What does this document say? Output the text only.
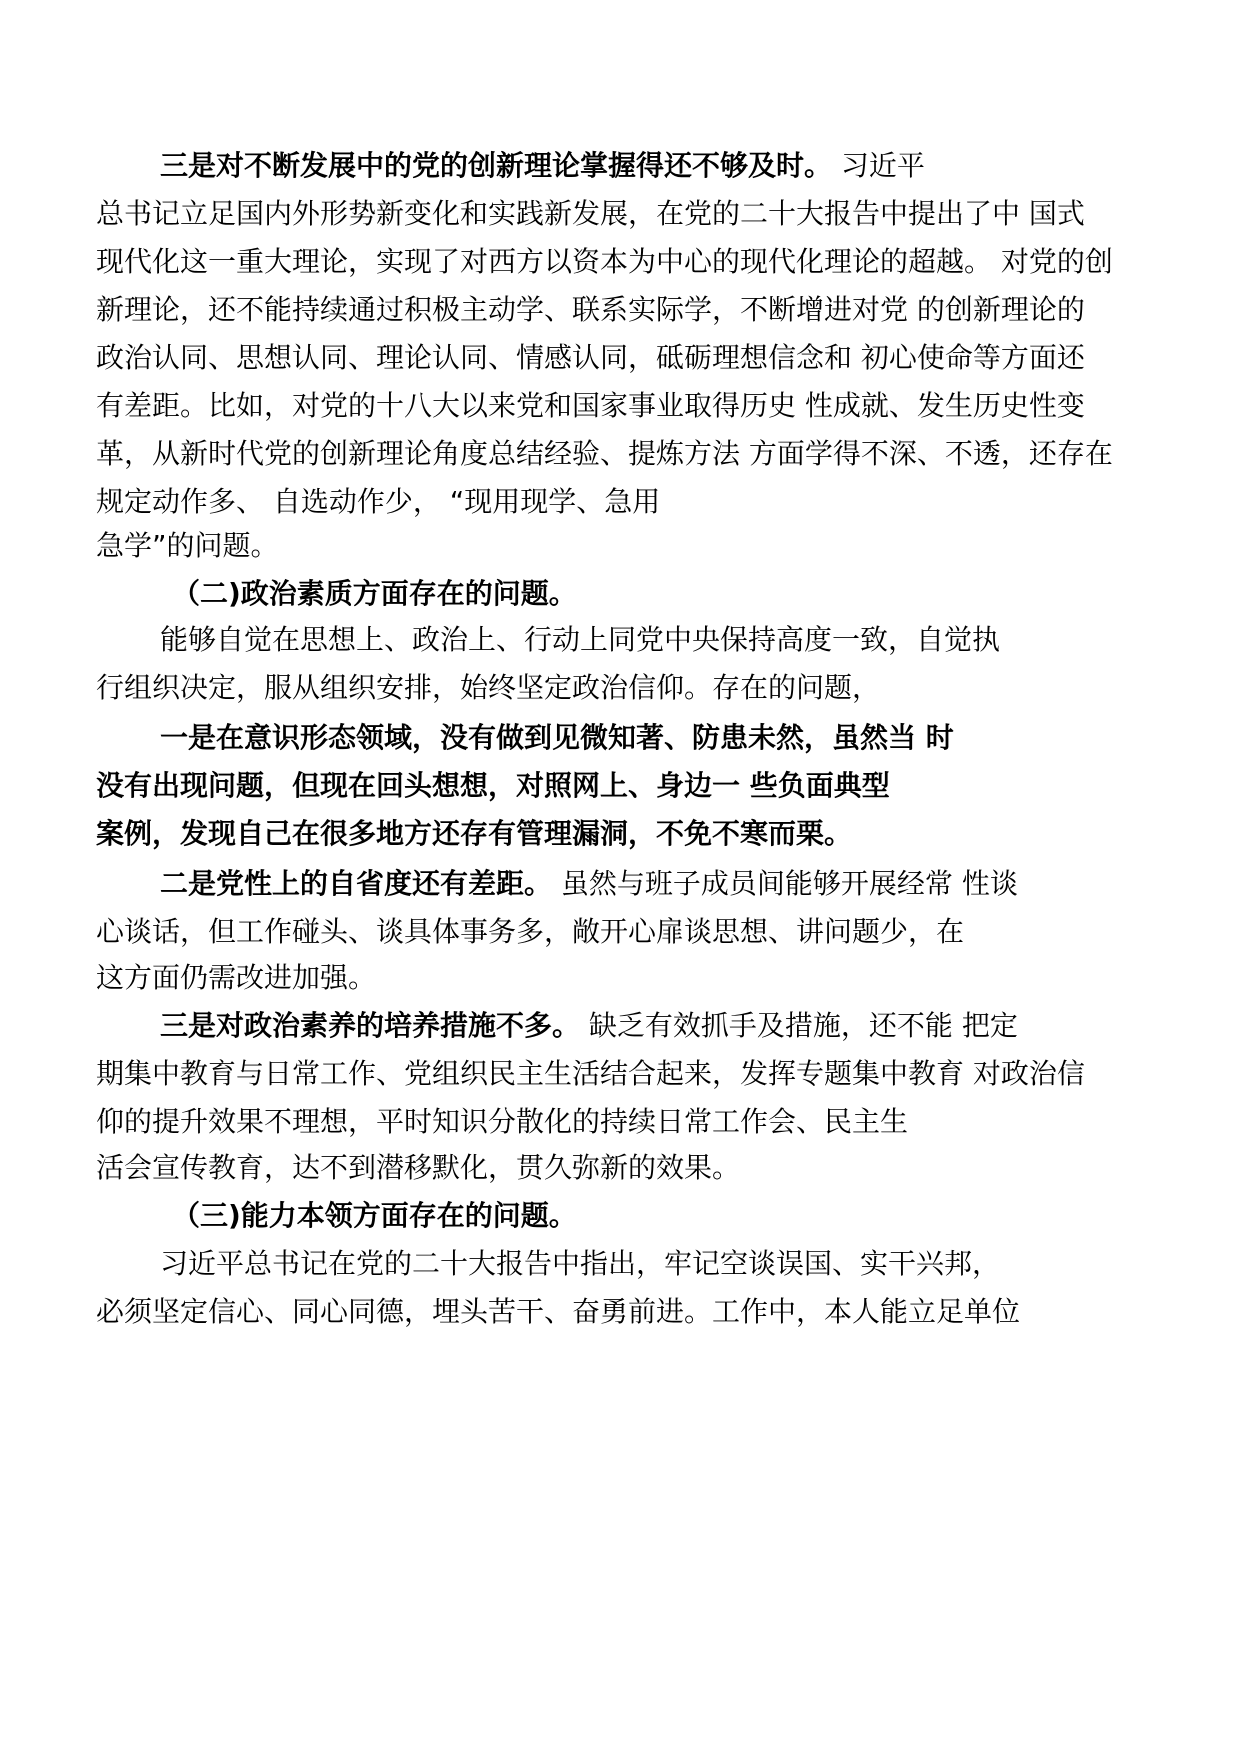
三是对不断发展中的党的创新理论掌握得还不够及时。 习近平
总书记立足国内外形势新变化和实践新发展，在党的二十大报告中提出了中 国式
现代化这一重大理论，实现了对西方以资本为中心的现代化理论的超越。 对党的创
新理论，还不能持续通过积极主动学、联系实际学，不断增进对党 的创新理论的
政治认同、思想认同、理论认同、情感认同，砥砺理想信念和 初心使命等方面还
有差距。比如，对党的十八大以来党和国家事业取得历史 性成就、发生历史性变
革，从新时代党的创新理论角度总结经验、提炼方法 方面学得不深、不透，还存在
规定动作多、 自选动作少， “现用现学、急用
急学”的问题。
（二)政治素质方面存在的问题。
能够自觉在思想上、政治上、行动上同党中央保持高度一致，自觉执
行组织决定，服从组织安排，始终坚定政治信仰。存在的问题，
一是在意识形态领域，没有做到见微知著、防患未然，虽然当 时
没有出现问题，但现在回头想想，对照网上、身边一 些负面典型
案例，发现自己在很多地方还存有管理漏洞，不免不寒而栗。
二是党性上的自省度还有差距。 虽然与班子成员间能够开展经常 性谈
心谈话，但工作碰头、谈具体事务多，敞开心扉谈思想、讲问题少，在
这方面仍需改进加强。
三是对政治素养的培养措施不多。 缺乏有效抓手及措施，还不能 把定
期集中教育与日常工作、党组织民主生活结合起来，发挥专题集中教育 对政治信
仰的提升效果不理想，平时知识分散化的持续日常工作会、民主生
活会宣传教育，达不到潜移默化，贯久弥新的效果。
（三)能力本领方面存在的问题。
习近平总书记在党的二十大报告中指出，牢记空谈误国、实干兴邦，
必须坚定信心、同心同德，埋头苦干、奋勇前进。工作中，本人能立足单位
